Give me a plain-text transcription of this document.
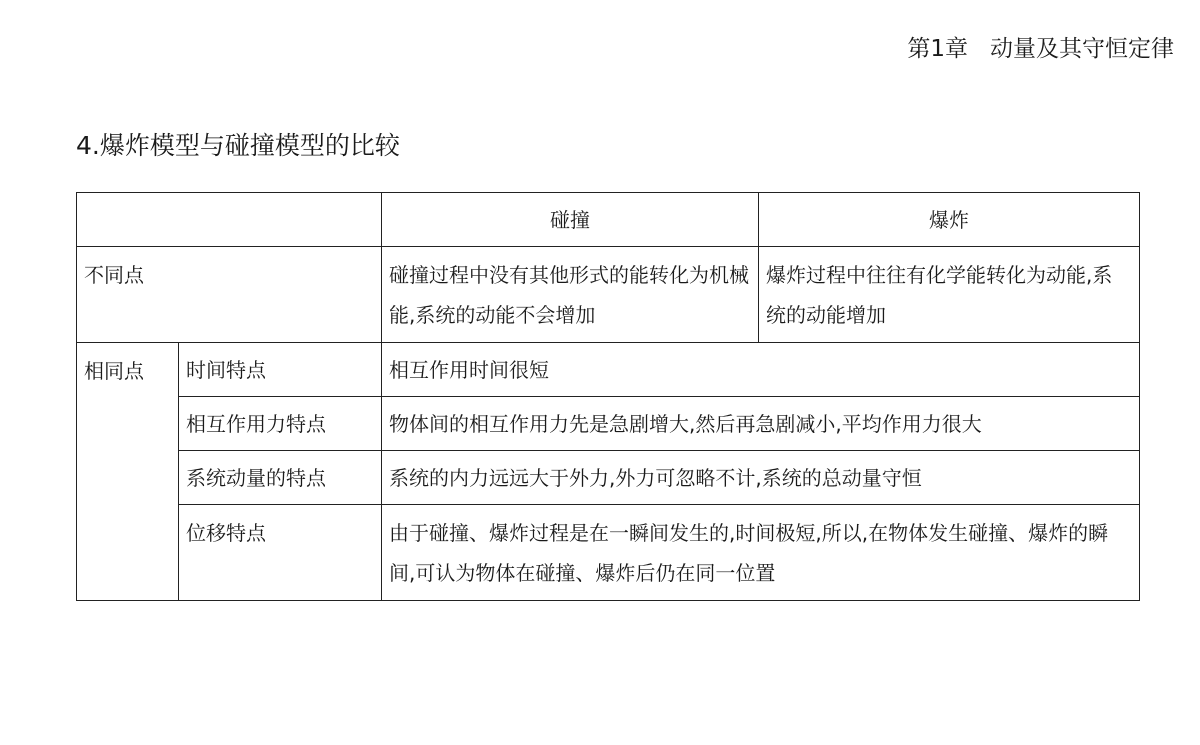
第1章   动量及其守恒定律
4.爆炸模型与碰撞模型的比较
		碰撞	爆炸
不同点		碰撞过程中没有其他形式的能转化为机械能,系统的动能不会增加	爆炸过程中往往有化学能转化为动能,系统的动能增加
相同点	时间特点	相互作用时间很短	
	相互作用力特点	物体间的相互作用力先是急剧增大,然后再急剧减小,平均作用力很大	
	系统动量的特点	系统的内力远远大于外力,外力可忽略不计,系统的总动量守恒	
	位移特点	由于碰撞、爆炸过程是在一瞬间发生的,时间极短,所以,在物体发生碰撞、爆炸的瞬间,可认为物体在碰撞、爆炸后仍在同一位置	
